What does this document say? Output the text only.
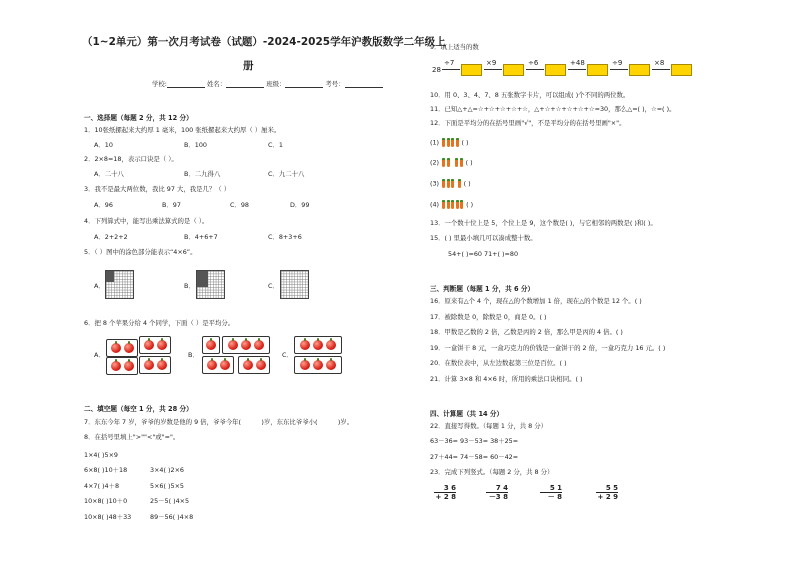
（1~2单元）第一次月考试卷（试题）-2024-2025学年沪教版数学二年级上
册
学校:	姓名：	班级：	考号：
一、选择题（每题 2 分，共 12 分）
1．10张纸摞起来大约厚 1 毫米，100 张纸摞起来大约厚（ ）厘米。
A．10	B．100	C．1
2．2×8=18，表示口诀是（ ）。
A．二十八	B．二九得八	C．九二十八
3．我不是最大两位数，我比 97 大，我是几？（ ）
A．96	B．97	C．98	D．99
4．下列算式中，能写出乘法算式的是（ ）。
A．2+2+2	B．4+6+7	C．8+3+6
5．（ ）图中的涂色部分能表示“4×6”。
A．	B．	C．
6．把 8 个苹果分给 4 个同学，下面（ ）是平均分。
A．	B．	C．
二、填空题（每空 1 分，共 28 分）
7．东东今年 7 岁，爷爷的岁数是他的 9 倍，爷爷今年(	)岁，东东比爷爷小(	)岁。
8．在括号里填上">""<"或"="。
1×4( )5×9
6×8( )10＋18	3×4( )2×6
4×7( )4＋8	5×6( )5×5
10×8( )10＋0	25－5( )4×5
10×8( )48＋33	89－56( )4×8
9．填上适当的数
28
÷7	×9	÷6	+48	÷9	×8
10．用 0、3、4、7、8 五张数字卡片，可以组成( )个不同的两位数。
11．已知△+△=☆+☆+☆+☆+☆，△+☆+☆+☆+☆+☆=30，那么△=( )，☆=( )。
12．下面是平均分的在括号里画"√"，不是平均分的在括号里画"×"。
(1)	( )
(2)	( )
(3)	( )
(4)	( )
13．一个数十位上是 5，个位上是 9，这个数是( )，与它相邻的两数是( )和( )。
15．( ) 里最小填几可以凑成整十数。
54+( )=60 71+( )=80
三、判断题（每题 1 分，共 6 分）
16．原来有△个 4 个，现在△的个数增加 1 倍，现在△的个数是 12 个。( )
17．被除数是 0，除数是 0，商是 0。( )
18．甲数是乙数的 2 倍，乙数是丙的 2 倍，那么甲是丙的 4 倍。( )
19．一盒饼干 8 元，一盒巧克力的价钱是一盒饼干的 2 倍，一盒巧克力 16 元。( )
20．在数位表中，从左边数起第三位是百位。( )
21．计算 3×8 和 4×6 时，所用的乘法口诀相同。( )
四、计算题（共 14 分）
22．直接写得数。（每题 1 分，共 8 分）
63－36= 93－53= 38＋25=
27＋44= 74－58= 60－42=
23．完成下列竖式。（每题 2 分，共 8 分）
3 6
+ 2 8
7 4
－3 8
5 1
－ 8
5 5
+ 2 9
